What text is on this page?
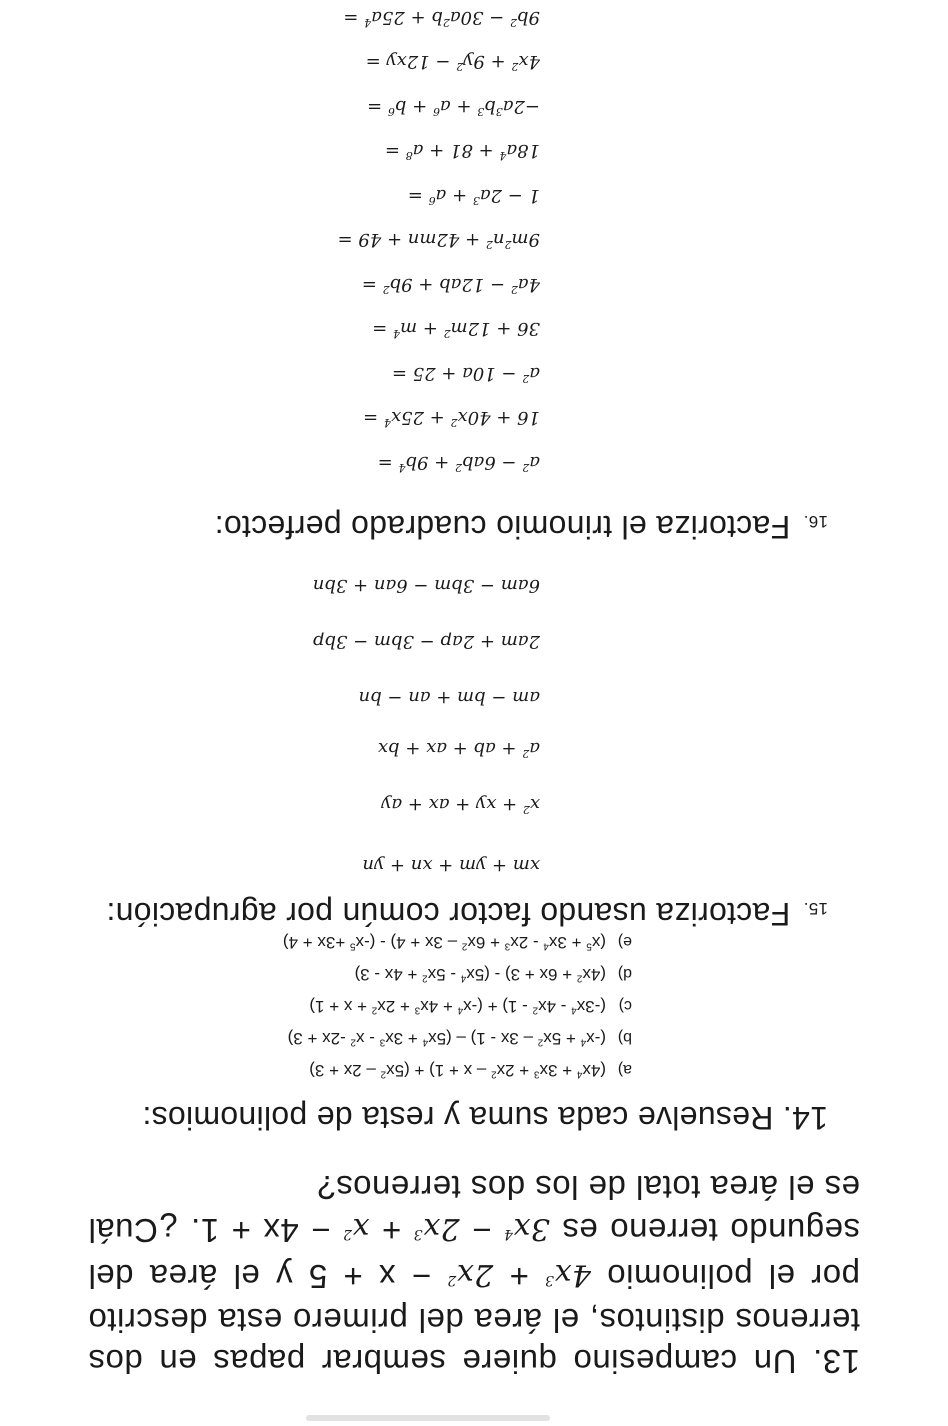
13. Un campesino quiere sembrar papas en dos terrenos distintos, el área del primero esta descrito por el polinomio $4x^3 + 2x^2 - x + 5$ y el área del segundo terreno es $3x^4 - 2x^3 + x^2 - 4x + 1$. ¿Cuál es el área total de los dos terrenos?
14. Resuelve cada suma y resta de polinomios:
$a)(4x^4 + 3x^3 + 2x^2 - x + 1) + (5x^2 - 2x + 3)$
$b)(-x^4 + 5x^2 - 3x - 1) - (5x^4 + 3x^3 - x^2$ -2x + 3)
$c)(-3x^4 - 4x^2 - 1) + (-x^4 + 4x^3 + 2x^2 + x + 1)$
$d)(4x^2 + 6x + 3) - (5x^4 - 5x^2 + 4x - 3)$
$e)(x^5 + 3x^4 - 2x^3 + 6x^2 - 3x + 4) - (-x^5 +3x + 4)$
15. Factoriza usando factor común por agrupación:
xm + ym + xn + yn
$x^2$ + xy + ax + ay
$a^2$ + ab + ax + bx
am − bm + an − bn
2am + 2ap − 3bm − 3bp
6am − 3bm − 6an + 3bn
16. Factoriza el trinomio cuadrado perfecto:
$a^2 - 6ab^2 + 9b^4$ =
$16 + 40x^2 + 25x^4$ =
$a^2 - 10a + 25$ =
$36 + 12m^2 + m^4$ =
$4a^2 - 12ab + 9b^2$ =
$9m^2n^2 + 42mn + 49$ =
$1 - 2a^3 + a^6$ =
$18a^4 + 81 + a^8$ =
$-2a^3b^3 + a^6 + b^6$ =
$4x^2 + 9y^2 - 12xy$ =
$9b^2 - 30a^2b + 25a^4$ =
